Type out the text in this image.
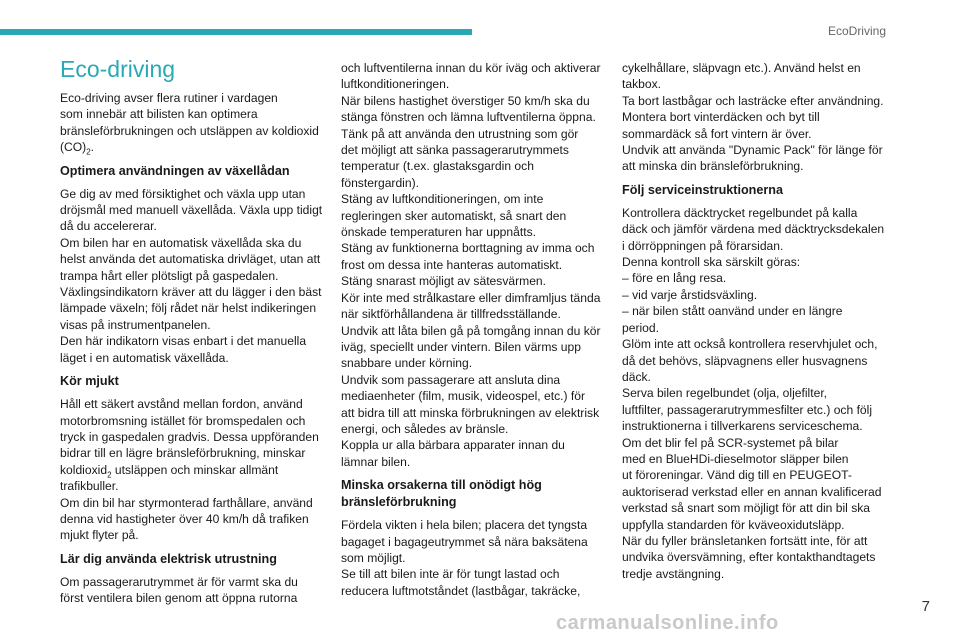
EcoDriving
Eco-driving

Eco-driving avser flera rutiner i vardagen
som innebär att bilisten kan optimera
bränsleförbrukningen och utsläppen av koldioxid
$(CO)_2$.

Optimera användningen av växellådan

Ge dig av med försiktighet och växla upp utan
dröjsmål med manuell växellåda. Växla upp tidigt
då du accelererar.
Om bilen har en automatisk växellåda ska du
helst använda det automatiska drivläget, utan att
trampa hårt eller plötsligt på gaspedalen.
Växlingsindikatorn kräver att du lägger i den bäst
lämpade växeln; följ rådet när helst indikeringen
visas på instrumentpanelen.
Den här indikatorn visas enbart i det manuella
läget i en automatisk växellåda.

Kör mjukt

Håll ett säkert avstånd mellan fordon, använd
motorbromsning istället för bromspedalen och
tryck in gaspedalen gradvis. Dessa uppföranden
bidrar till en lägre bränsleförbrukning, minskar
koldioxid$_2$ utsläppen och minskar allmänt
trafikbuller.
Om din bil har styrmonterad farthållare, använd
denna vid hastigheter över 40 km/h då trafiken
mjukt flyter på.

Lär dig använda elektrisk utrustning

Om passagerarutrymmet är för varmt ska du
först ventilera bilen genom att öppna rutorna

och luftventilerna innan du kör iväg och aktiverar
luftkonditioneringen.
När bilens hastighet överstiger 50 km/h ska du
stänga fönstren och lämna luftventilerna öppna.
Tänk på att använda den utrustning som gör
det möjligt att sänka passagerarutrymmets
temperatur (t.ex. glastaksgardin och
fönstergardin).
Stäng av luftkonditioneringen, om inte
regleringen sker automatiskt, så snart den
önskade temperaturen har uppnåtts.
Stäng av funktionerna borttagning av imma och
frost om dessa inte hanteras automatiskt.
Stäng snarast möjligt av sätesvärmen.
Kör inte med strålkastare eller dimframljus tända
när siktförhållandena är tillfredsställande.
Undvik att låta bilen gå på tomgång innan du kör
iväg, speciellt under vintern. Bilen värms upp
snabbare under körning.
Undvik som passagerare att ansluta dina
mediaenheter (film, musik, videospel, etc.) för
att bidra till att minska förbrukningen av elektrisk
energi, och således av bränsle.
Koppla ur alla bärbara apparater innan du
lämnar bilen.

Minska orsakerna till onödigt hög
bränsleförbrukning

Fördela vikten i hela bilen; placera det tyngsta
bagaget i bagageutrymmet så nära baksätena
som möjligt.
Se till att bilen inte är för tungt lastad och
reducera luftmotståndet (lastbågar, takräcke,

cykelhållare, släpvagn etc.). Använd helst en
takbox.
Ta bort lastbågar och lasträcke efter användning.
Montera bort vinterdäcken och byt till
sommardäck så fort vintern är över.
Undvik att använda "Dynamic Pack" för länge för
att minska din bränsleförbrukning.

Följ serviceinstruktionerna

Kontrollera däcktrycket regelbundet på kalla
däck och jämför värdena med däcktrycksdekalen
i dörröppningen på förarsidan.
Denna kontroll ska särskilt göras:
– före en lång resa.
– vid varje årstidsväxling.
– när bilen stått oanvänd under en längre
period.
Glöm inte att också kontrollera reservhjulet och,
då det behövs, släpvagnens eller husvagnens
däck.
Serva bilen regelbundet (olja, oljefilter,
luftfilter, passagerarutrymmesfilter etc.) och följ
instruktionerna i tillverkarens serviceschema.
Om det blir fel på SCR-systemet på bilar
med en BlueHDi-dieselmotor släpper bilen
ut föroreningar. Vänd dig till en PEUGEOT-
auktoriserad verkstad eller en annan kvalificerad
verkstad så snart som möjligt för att din bil ska
uppfylla standarden för kväveoxidutsläpp.
När du fyller bränsletanken fortsätt inte, för att
undvika översvämning, efter kontakthandtagets
tredje avstängning.

7
carmanualsonline.info
